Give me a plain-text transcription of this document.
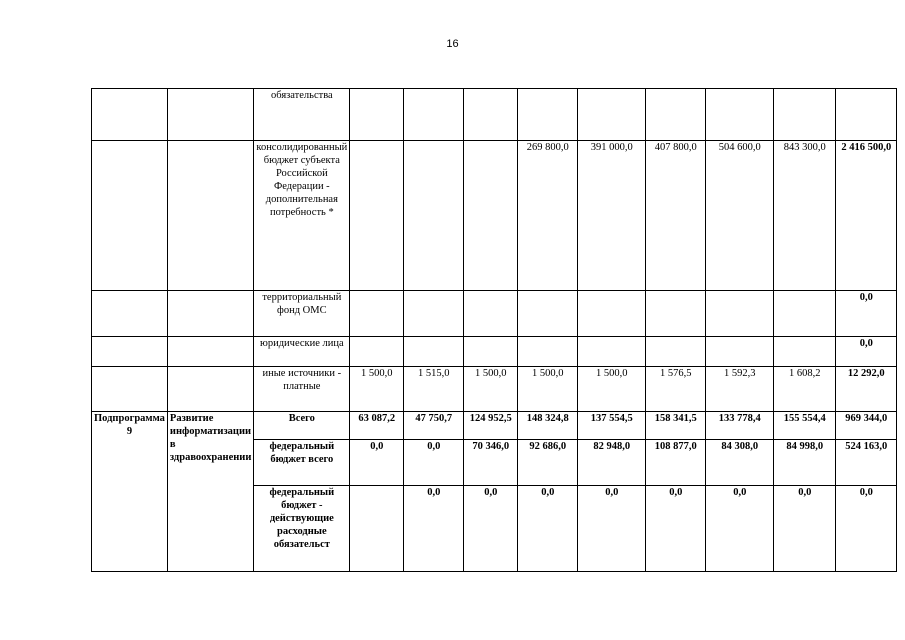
16
		обязательства									
		консолидированный бюджет субъекта Российской Федерации - дополнительная потребность *				269 800,0	391 000,0	407 800,0	504 600,0	843 300,0	2 416 500,0
		территориальный фонд ОМС									0,0
		юридические лица									0,0
		иные источники - платные	1 500,0	1 515,0	1 500,0	1 500,0	1 500,0	1 576,5	1 592,3	1 608,2	12 292,0
Подпрограмма 9	Развитие информатизации в здравоохранении	Всего	63 087,2	47 750,7	124 952,5	148 324,8	137 554,5	158 341,5	133 778,4	155 554,4	969 344,0
		федеральный бюджет всего	0,0	0,0	70 346,0	92 686,0	82 948,0	108 877,0	84 308,0	84 998,0	524 163,0
		федеральный бюджет - действующие расходные обязательст		0,0	0,0	0,0	0,0	0,0	0,0	0,0	0,0
